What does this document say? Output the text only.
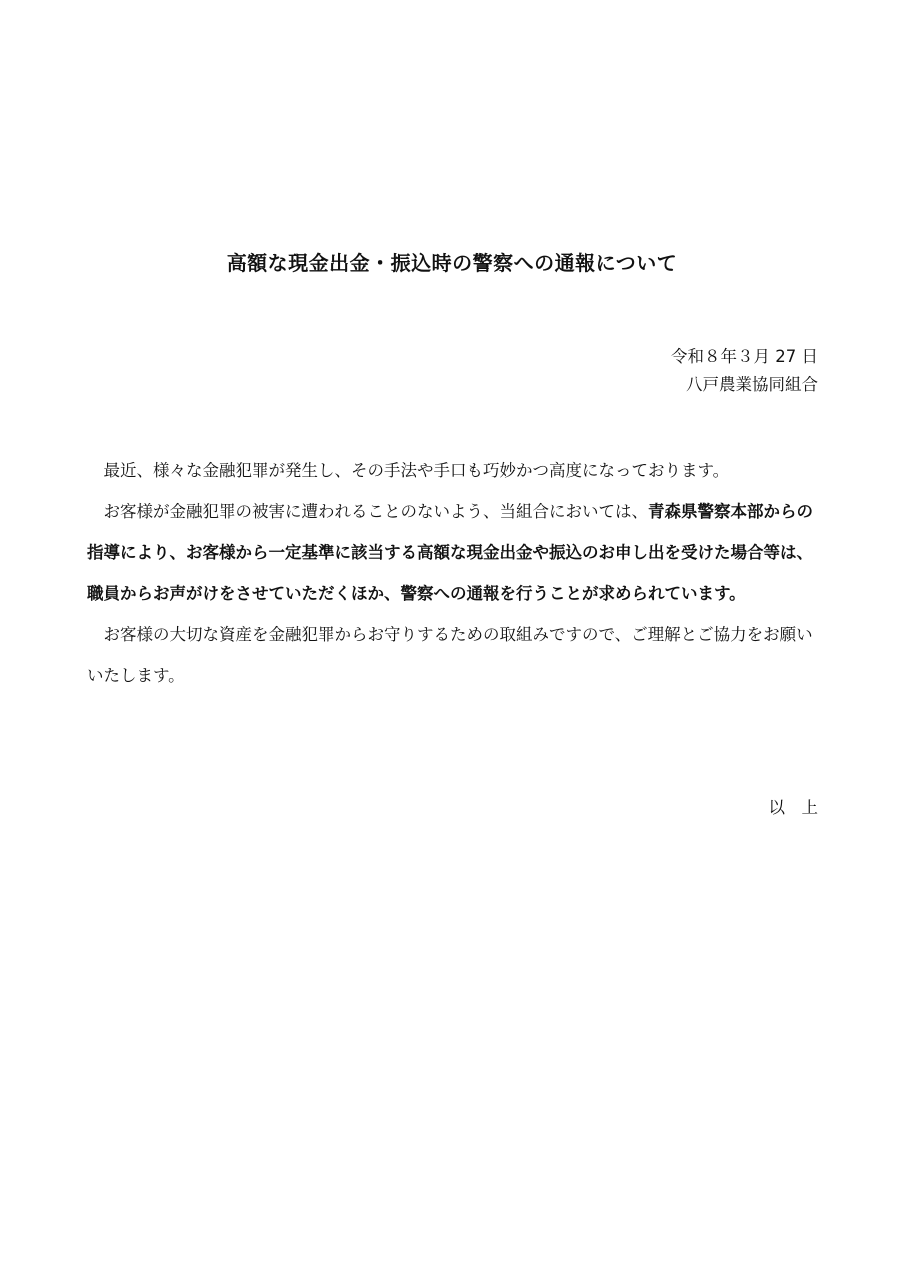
高額な現金出金・振込時の警察への通報について
令和８年３月 27 日
八戸農業協同組合

最近、様々な金融犯罪が発生し、その手法や手口も巧妙かつ高度になっております。

お客様が金融犯罪の被害に遭われることのないよう、当組合においては、青森県警察本部からの指導により、お客様から一定基準に該当する高額な現金出金や振込のお申し出を受けた場合等は、職員からお声がけをさせていただくほか、警察への通報を行うことが求められています。

お客様の大切な資産を金融犯罪からお守りするための取組みですので、ご理解とご協力をお願いいたします。

以　上
